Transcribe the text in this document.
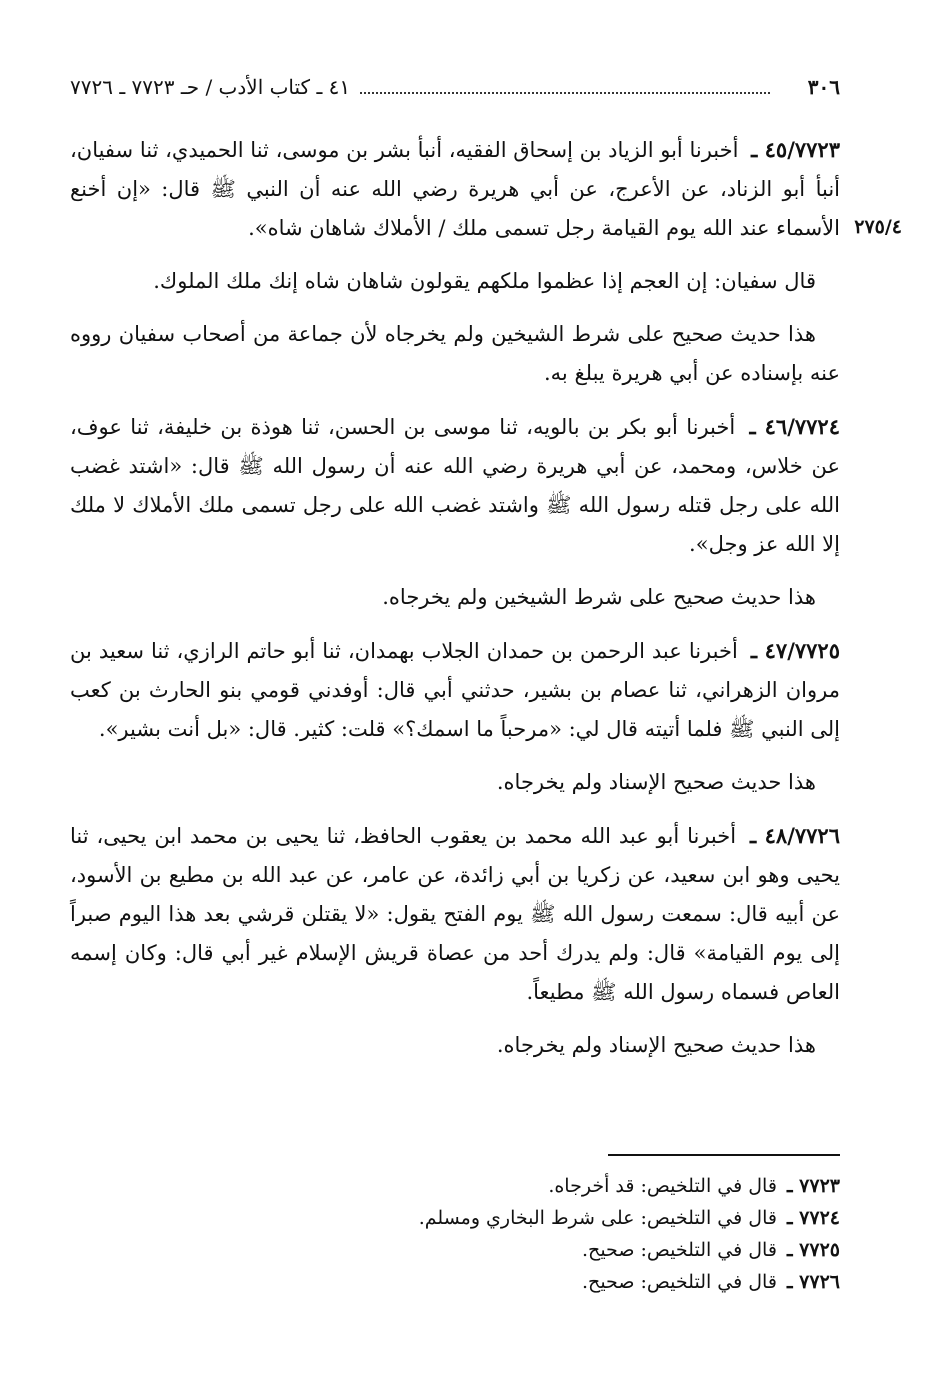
٣٠٦
٤١ ـ كتاب الأدب / حـ ٧٧٢٣ ـ ٧٧٢٦

٢٧٥/٤
٤٥/٧٧٢٣ ـ أخبرنا أبو الزياد بن إسحاق الفقيه، أنبأ بشر بن موسى، ثنا الحميدي، ثنا سفيان، أنبأ أبو الزناد، عن الأعرج، عن أبي هريرة رضي الله عنه أن النبي ﷺ قال: «إن أخنع الأسماء عند الله يوم القيامة رجل تسمى ملك / الأملاك شاهان شاه».

قال سفيان: إن العجم إذا عظموا ملكهم يقولون شاهان شاه إنك ملك الملوك.

هذا حديث صحيح على شرط الشيخين ولم يخرجاه لأن جماعة من أصحاب سفيان رووه عنه بإسناده عن أبي هريرة يبلغ به.

٤٦/٧٧٢٤ ـ أخبرنا أبو بكر بن بالويه، ثنا موسى بن الحسن، ثنا هوذة بن خليفة، ثنا عوف، عن خلاس، ومحمد، عن أبي هريرة رضي الله عنه أن رسول الله ﷺ قال: «اشتد غضب الله على رجل قتله رسول الله ﷺ واشتد غضب الله على رجل تسمى ملك الأملاك لا ملك إلا الله عز وجل».

هذا حديث صحيح على شرط الشيخين ولم يخرجاه.

٤٧/٧٧٢٥ ـ أخبرنا عبد الرحمن بن حمدان الجلاب بهمدان، ثنا أبو حاتم الرازي، ثنا سعيد بن مروان الزهراني، ثنا عصام بن بشير، حدثني أبي قال: أوفدني قومي بنو الحارث بن كعب إلى النبي ﷺ فلما أتيته قال لي: «مرحباً ما اسمك؟» قلت: كثير. قال: «بل أنت بشير».

هذا حديث صحيح الإسناد ولم يخرجاه.

٤٨/٧٧٢٦ ـ أخبرنا أبو عبد الله محمد بن يعقوب الحافظ، ثنا يحيى بن محمد ابن يحيى، ثنا يحيى وهو ابن سعيد، عن زكريا بن أبي زائدة، عن عامر، عن عبد الله بن مطيع بن الأسود، عن أبيه قال: سمعت رسول الله ﷺ يوم الفتح يقول: «لا يقتلن قرشي بعد هذا اليوم صبراً إلى يوم القيامة» قال: ولم يدرك أحد من عصاة قريش الإسلام غير أبي قال: وكان إسمه العاص فسماه رسول الله ﷺ مطيعاً.

هذا حديث صحيح الإسناد ولم يخرجاه.

٧٧٢٣ ـ قال في التلخيص: قد أخرجاه.

٧٧٢٤ ـ قال في التلخيص: على شرط البخاري ومسلم.

٧٧٢٥ ـ قال في التلخيص: صحيح.

٧٧٢٦ ـ قال في التلخيص: صحيح.
